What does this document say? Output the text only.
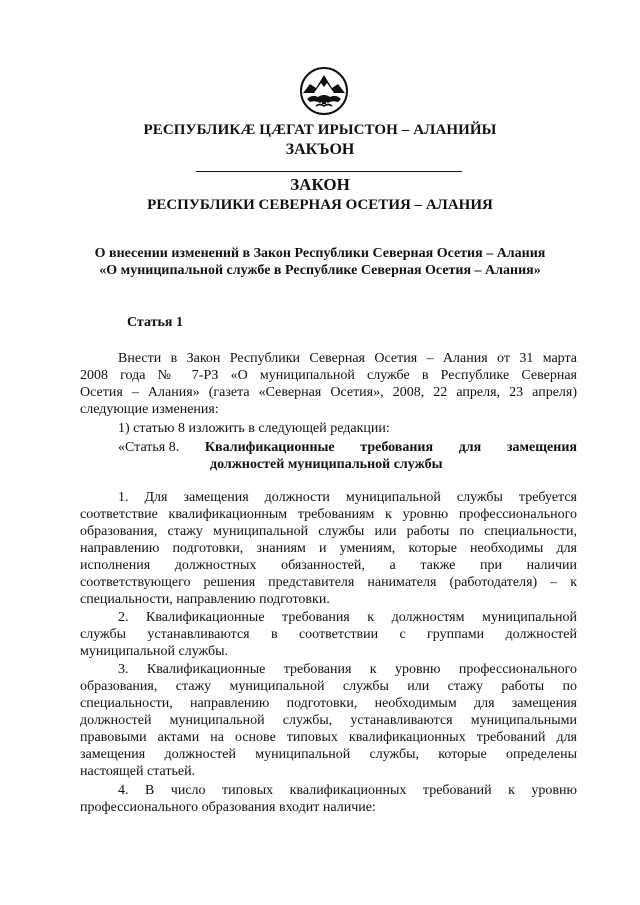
РЕСПУБЛИКӔ ЦӔГАТ ИРЫСТОН – АЛАНИЙЫ
ЗАКЪОН
ЗАКОН
РЕСПУБЛИКИ СЕВЕРНАЯ ОСЕТИЯ – АЛАНИЯ
О внесении изменений в Закон Республики Северная Осетия – Алания
«О муниципальной службе в Республике Северная Осетия – Алания»
Статья 1
Внести в Закон Республики Северная Осетия – Алания от 31 марта
2008 года № 7-РЗ «О муниципальной службе в Республике Северная
Осетия – Алания» (газета «Северная Осетия», 2008, 22 апреля, 23 апреля)
следующие изменения:
1) статью 8 изложить в следующей редакции:
«Статья 8. Квалификационные требования для замещения
должностей муниципальной службы
1. Для замещения должности муниципальной службы требуется
соответствие квалификационным требованиям к уровню профессионального
образования, стажу муниципальной службы или работы по специальности,
направлению подготовки, знаниям и умениям, которые необходимы для
исполнения должностных обязанностей, а также при наличии
соответствующего решения представителя нанимателя (работодателя) – к
специальности, направлению подготовки.
2. Квалификационные требования к должностям муниципальной
службы устанавливаются в соответствии с группами должностей
муниципальной службы.
3. Квалификационные требования к уровню профессионального
образования, стажу муниципальной службы или стажу работы по
специальности, направлению подготовки, необходимым для замещения
должностей муниципальной службы, устанавливаются муниципальными
правовыми актами на основе типовых квалификационных требований для
замещения должностей муниципальной службы, которые определены
настоящей статьей.
4. В число типовых квалификационных требований к уровню
профессионального образования входит наличие:
